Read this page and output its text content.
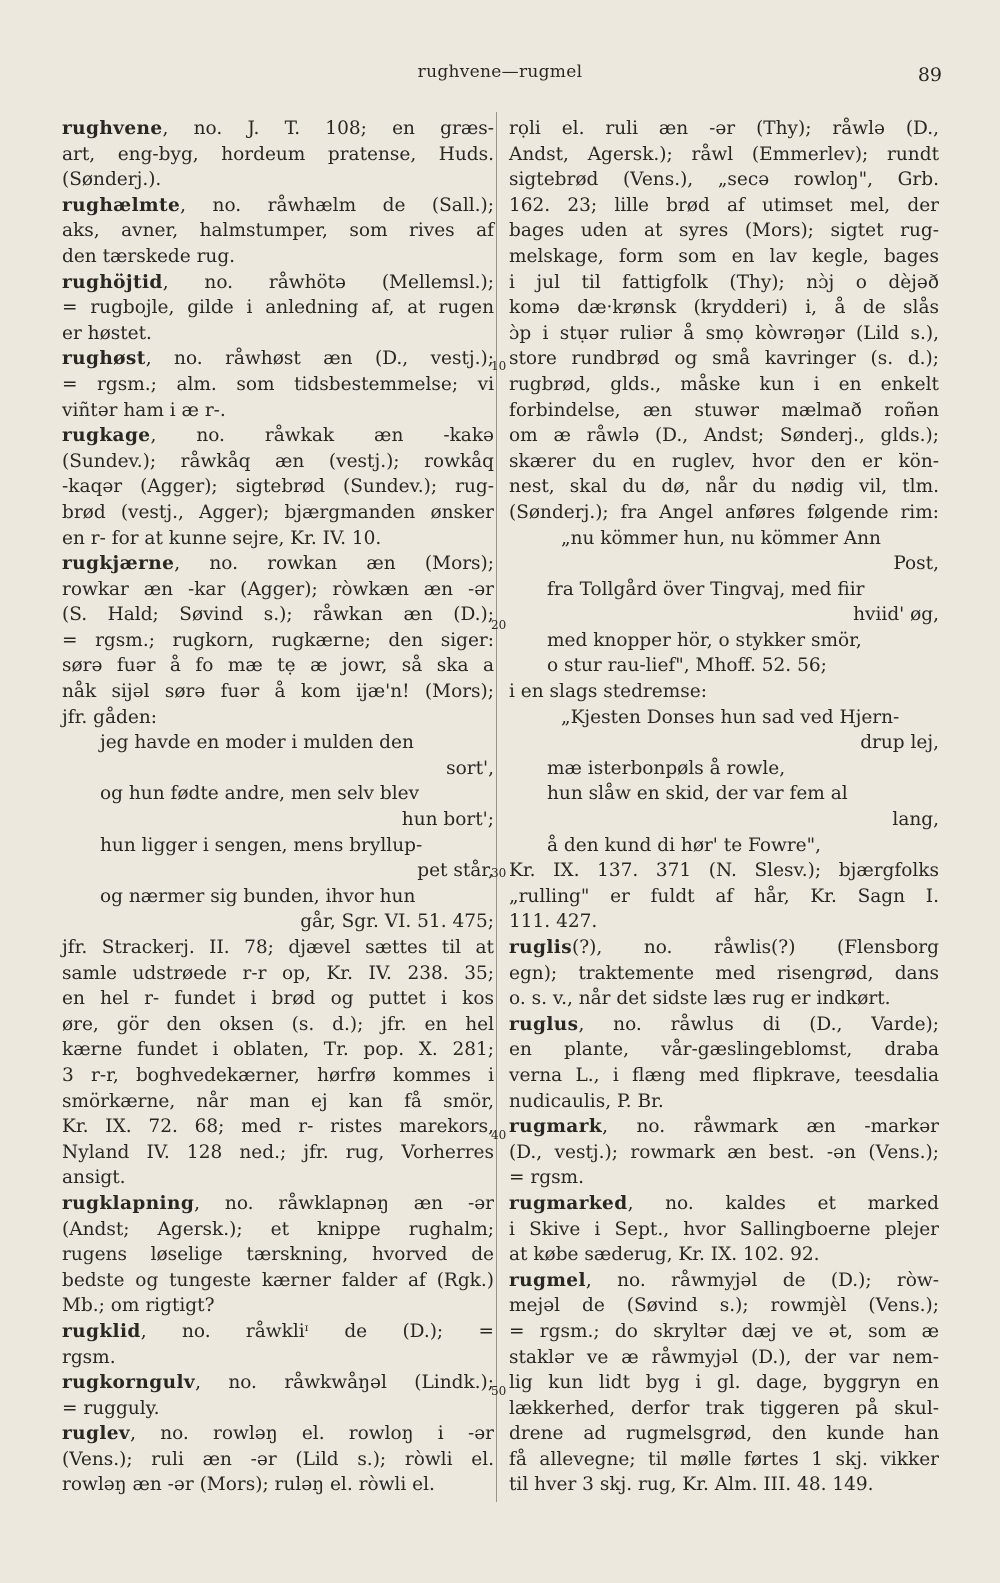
rughvene—rugmel	89
rughvene, no. J. T. 108; en græs-
art, eng-byg, hordeum pratense, Huds.
(Sønderj.).
rughælmte, no. råwhælm de (Sall.);
aks, avner, halmstumper, som rives af
den tærskede rug.
rughöjtid, no. råwhötə (Mellemsl.);
= rugbojle, gilde i anledning af, at rugen
er høstet.
rughøst, no. råwhøst æn (D., vestj.);
= rgsm.; alm. som tidsbestemmelse; vi
viñtər ham i æ r-.
rugkage, no. råwkak æn -kakə
(Sundev.); råwkåq æn (vestj.); rowkåq
-kaqər (Agger); sigtebrød (Sundev.); rug-
brød (vestj., Agger); bjærgmanden ønsker
en r- for at kunne sejre, Kr. IV. 10.
rugkjærne, no. rowkan æn (Mors);
rowkar æn -kar (Agger); ròwkæn æn -ər
(S. Hald; Søvind s.); råwkan æn (D.);
= rgsm.; rugkorn, rugkærne; den siger:
sørə fuər å fo mæ tẹ æ jowr, så ska a
nåk sijəl sørə fuər å kom ijæ'n! (Mors);
jfr. gåden:
jeg havde en moder i mulden den
sort',
og hun fødte andre, men selv blev
hun bort';
hun ligger i sengen, mens bryllup-
pet står,
og nærmer sig bunden, ihvor hun
går, Sgr. VI. 51. 475;
jfr. Strackerj. II. 78; djævel sættes til at
samle udstrøede r-r op, Kr. IV. 238. 35;
en hel r- fundet i brød og puttet i kos
øre, gör den oksen (s. d.); jfr. en hel
kærne fundet i oblaten, Tr. pop. X. 281;
3 r-r, boghvedekærner, hørfrø kommes i
smörkærne, når man ej kan få smör,
Kr. IX. 72. 68; med r- ristes marekors,
Nyland IV. 128 ned.; jfr. rug, Vorherres
ansigt.
rugklapning, no. råwklapnəŋ æn -ər
(Andst; Agersk.); et knippe rughalm;
rugens løselige tærskning, hvorved de
bedste og tungeste kærner falder af (Rgk.)
Mb.; om rigtigt?
rugklid, no. råwkliᶦ de (D.); =
rgsm.
rugkorngulv, no. råwkwåŋəl (Lindk.);
= rugguly.
ruglev, no. rowləŋ el. rowloŋ i -ər
(Vens.); ruli æn -ər (Lild s.); ròwli el.
rowləŋ æn -ər (Mors); ruləŋ el. ròwli el.
rọli el. ruli æn -ər (Thy); råwlə (D.,
Andst, Agersk.); råwl (Emmerlev); rundt
sigtebrød (Vens.), „secə rowloŋ", Grb.
162. 23; lille brød af utimset mel, der
bages uden at syres (Mors); sigtet rug-
melskage, form som en lav kegle, bages
i jul til fattigfolk (Thy); nɔ̀j o dèjəð
komə dæ·krønsk (krydderi) i, å de slås
ɔ̀p i stụər ruliər å smọ kòwrəŋər (Lild s.),
store rundbrød og små kavringer (s. d.);
rugbrød, glds., måske kun i en enkelt
forbindelse, æn stuwər mælmað roñən
om æ råwlə (D., Andst; Sønderj., glds.);
skærer du en ruglev, hvor den er kön-
nest, skal du dø, når du nødig vil, tlm.
(Sønderj.); fra Angel anføres følgende rim:
„nu kömmer hun, nu kömmer Ann
Post,
fra Tollgård över Tingvaj, med fiir
hviid' øg,
med knopper hör, o stykker smör,
o stur rau-lief", Mhoff. 52. 56;
i en slags stedremse:
„Kjesten Donses hun sad ved Hjern-
drup lej,
mæ isterbonpøls å rowle,
hun slåw en skid, der var fem al
lang,
å den kund di hør' te Fowre",
Kr. IX. 137. 371 (N. Slesv.); bjærgfolks
„rulling" er fuldt af hår, Kr. Sagn I.
111. 427.
ruglis(?), no. råwlis(?) (Flensborg
egn); traktemente med risengrød, dans
o. s. v., når det sidste læs rug er indkørt.
ruglus, no. råwlus di (D., Varde);
en plante, vår-gæslingeblomst, draba
verna L., i flæng med flipkrave, teesdalia
nudicaulis, P. Br.
rugmark, no. råwmark æn -markər
(D., vestj.); rowmark æn best. -ən (Vens.);
= rgsm.
rugmarked, no. kaldes et marked
i Skive i Sept., hvor Sallingboerne plejer
at købe sæderug, Kr. IX. 102. 92.
rugmel, no. råwmyjəl de (D.); ròw-
mejəl de (Søvind s.); rowmjèl (Vens.);
= rgsm.; do skryltər dæj ve ət, som æ
staklər ve æ råwmyjəl (D.), der var nem-
lig kun lidt byg i gl. dage, byggryn en
lækkerhed, derfor trak tiggeren på skul-
drene ad rugmelsgrød, den kunde han
få allevegne; til mølle førtes 1 skj. vikker
til hver 3 skj. rug, Kr. Alm. III. 48. 149.
10
20
30
40
50
